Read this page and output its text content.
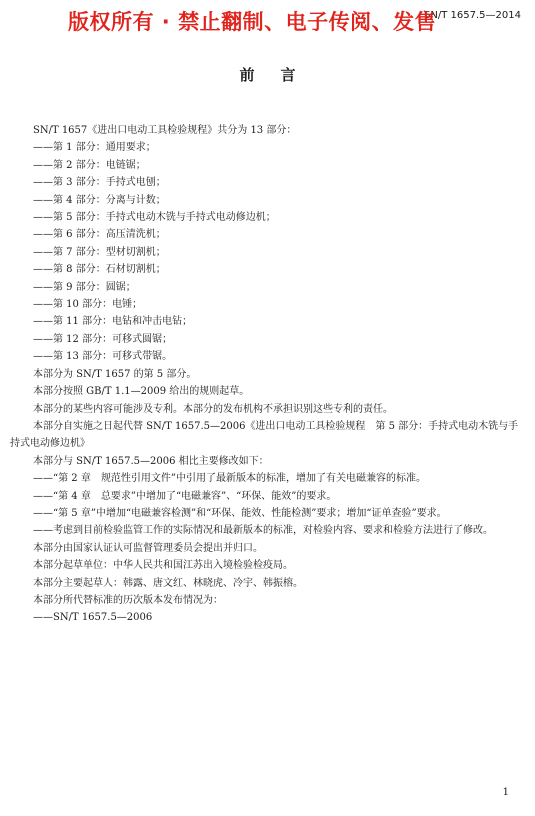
版权所有 · 禁止翻制、电子传阅、发售
SN/T 1657.5—2014
前言

SN/T 1657《进出口电动工具检验规程》共分为 13 部分：

——第 1 部分：通用要求；

——第 2 部分：电链锯；

——第 3 部分：手持式电刨；

——第 4 部分：分离与计数；

——第 5 部分：手持式电动木铣与手持式电动修边机；

——第 6 部分：高压清洗机；

——第 7 部分：型材切割机；

——第 8 部分：石材切割机；

——第 9 部分：圆锯；

——第 10 部分：电锤；

——第 11 部分：电钻和冲击电钻；

——第 12 部分：可移式圆锯；

——第 13 部分：可移式带锯。

本部分为 SN/T 1657 的第 5 部分。

本部分按照 GB/T 1.1—2009 给出的规则起草。

本部分的某些内容可能涉及专利。本部分的发布机构不承担识别这些专利的责任。

本部分自实施之日起代替 SN/T 1657.5—2006《进出口电动工具检验规程　第 5 部分：手持式电动木铣与手持式电动修边机》

本部分与 SN/T 1657.5—2006 相比主要修改如下：

——“第 2 章　规范性引用文件”中引用了最新版本的标准，增加了有关电磁兼容的标准。

——“第 4 章　总要求”中增加了“电磁兼容”、“环保、能效”的要求。

——“第 5 章”中增加“电磁兼容检测”和“环保、能效、性能检测”要求；增加“证单查验”要求。

——考虑到目前检验监管工作的实际情况和最新版本的标准，对检验内容、要求和检验方法进行了修改。

本部分由国家认证认可监督管理委员会提出并归口。

本部分起草单位：中华人民共和国江苏出入境检验检疫局。

本部分主要起草人：韩露、唐文红、林晓虎、冷宇、韩振榕。

本部分所代替标准的历次版本发布情况为：

——SN/T 1657.5—2006

1
